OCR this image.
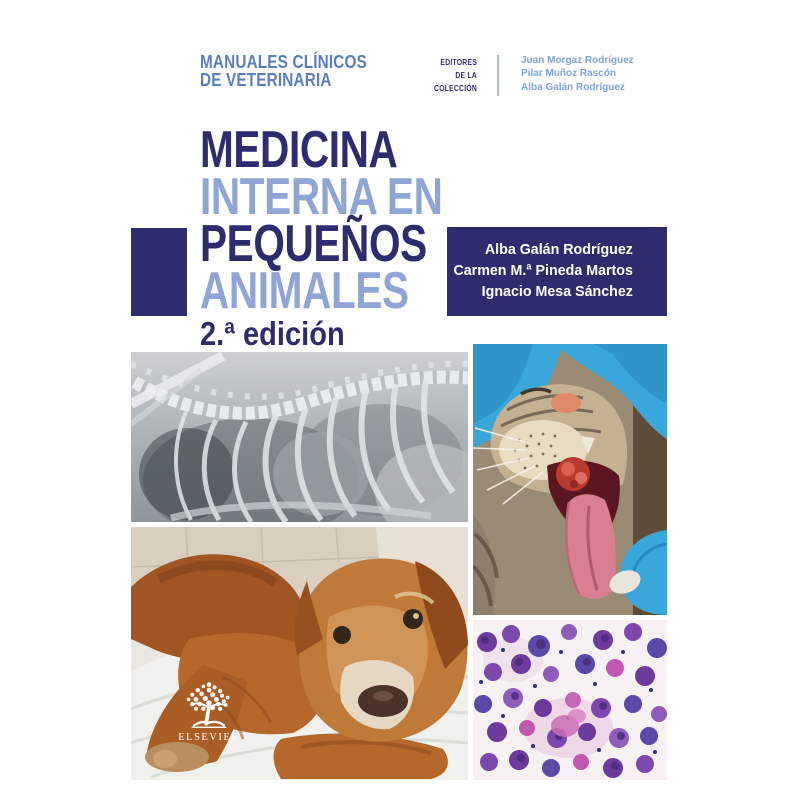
MANUALES CLÍNICOS
DE VETERINARIA
EDITORES
DE LA
COLECCIÓN
Juan Morgaz Rodríguez
Pilar Muñoz Rascón
Alba Galán Rodríguez
MEDICINA
INTERNA EN
PEQUEÑOS
ANIMALES
Alba Galán Rodríguez
Carmen M.ª Pineda Martos
Ignacio Mesa Sánchez
2.ª edición
ELSEVIER
